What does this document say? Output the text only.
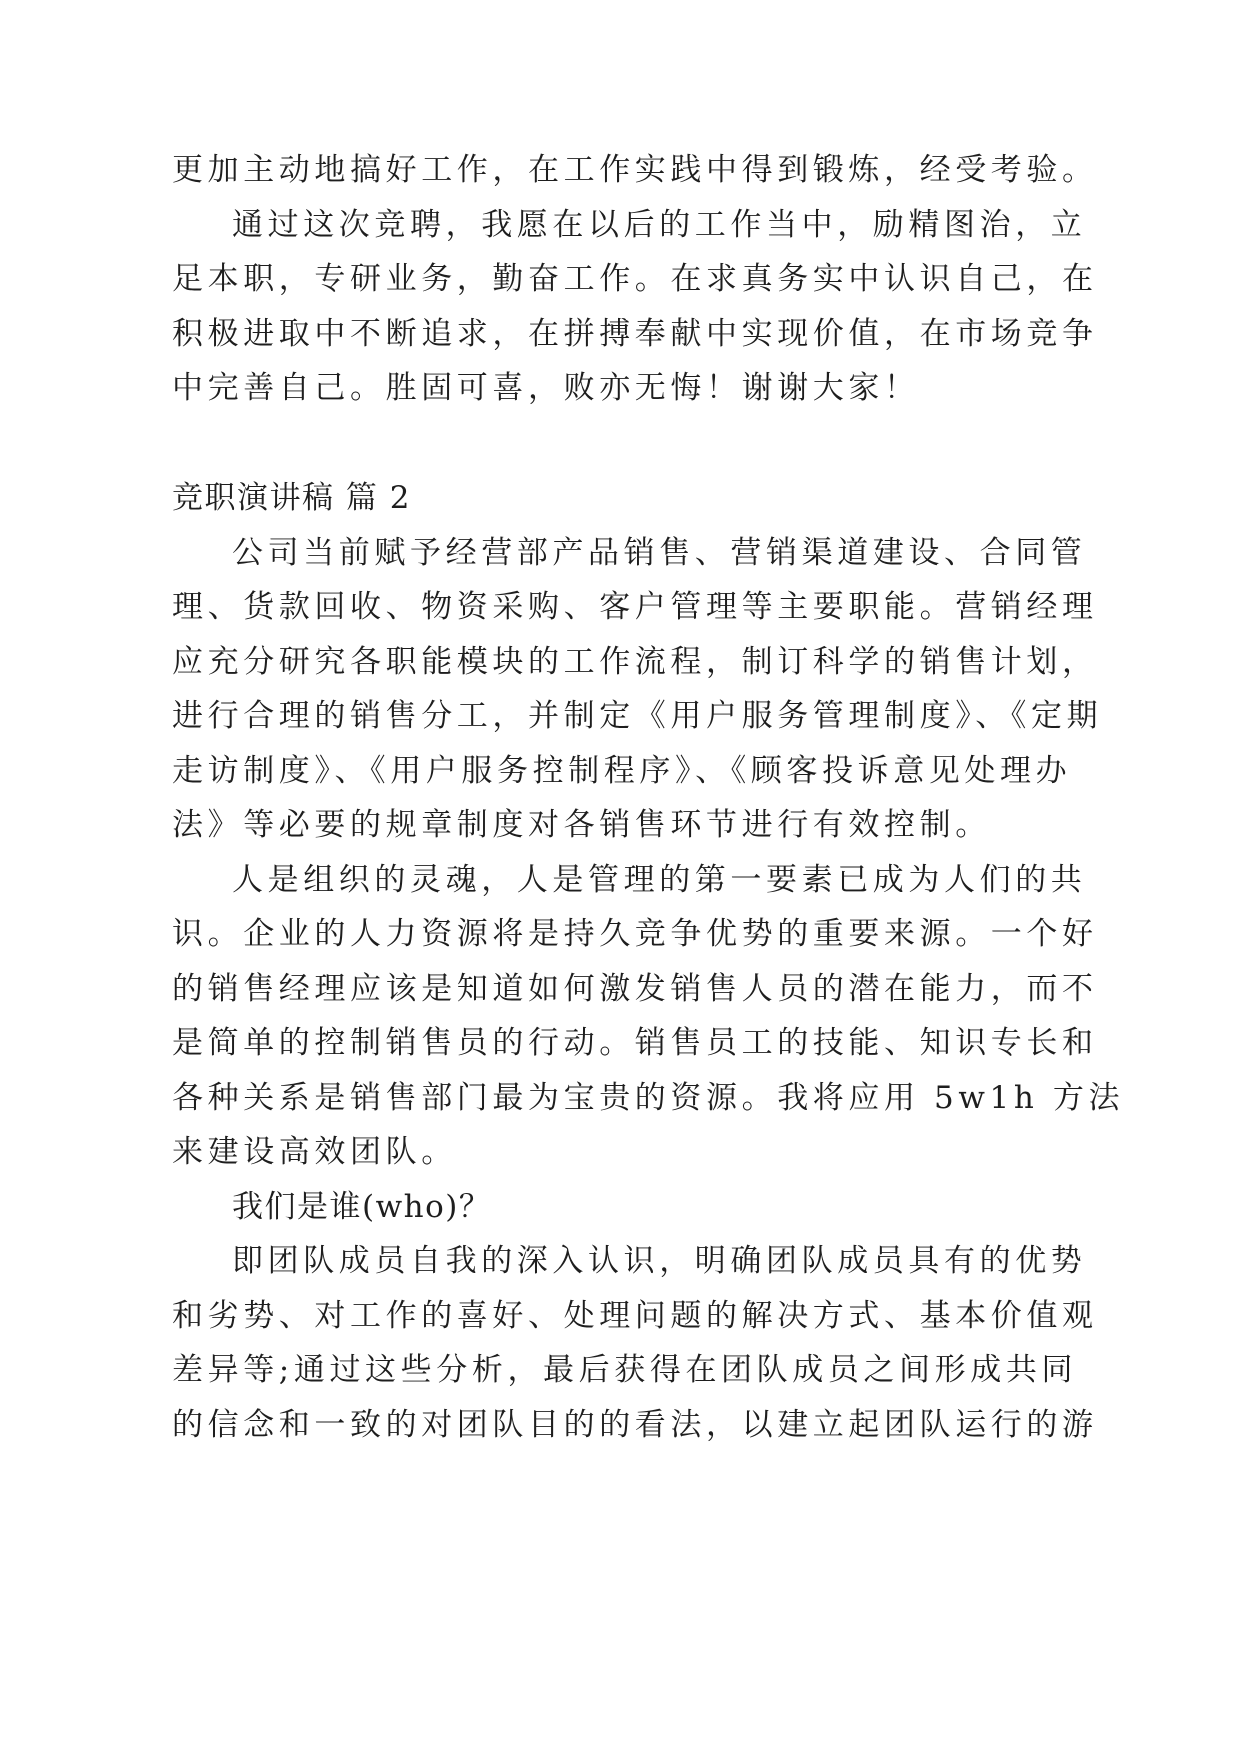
更加主动地搞好工作，在工作实践中得到锻炼，经受考验。
通过这次竞聘，我愿在以后的工作当中，励精图治，立
足本职，专研业务，勤奋工作。在求真务实中认识自己，在
积极进取中不断追求，在拼搏奉献中实现价值，在市场竞争
中完善自己。胜固可喜，败亦无悔！谢谢大家！
竞职演讲稿 篇 2
公司当前赋予经营部产品销售、营销渠道建设、合同管
理、货款回收、物资采购、客户管理等主要职能。营销经理
应充分研究各职能模块的工作流程，制订科学的销售计划，
进行合理的销售分工，并制定《用户服务管理制度》、《定期
走访制度》、《用户服务控制程序》、《顾客投诉意见处理办
法》等必要的规章制度对各销售环节进行有效控制。
人是组织的灵魂，人是管理的第一要素已成为人们的共
识。企业的人力资源将是持久竞争优势的重要来源。一个好
的销售经理应该是知道如何激发销售人员的潜在能力，而不
是简单的控制销售员的行动。销售员工的技能、知识专长和
各种关系是销售部门最为宝贵的资源。我将应用 5w1h 方法
来建设高效团队。
我们是谁(who)？
即团队成员自我的深入认识，明确团队成员具有的优势
和劣势、对工作的喜好、处理问题的解决方式、基本价值观
差异等;通过这些分析，最后获得在团队成员之间形成共同
的信念和一致的对团队目的的看法，以建立起团队运行的游
